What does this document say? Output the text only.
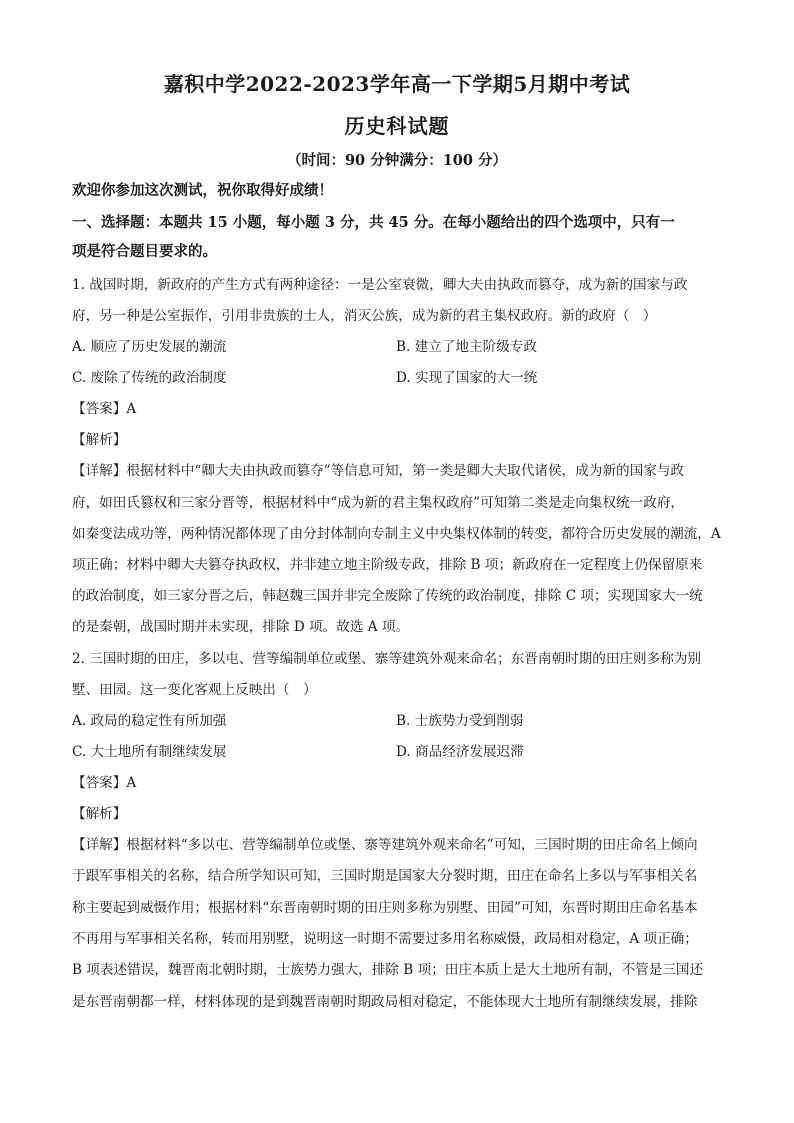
嘉积中学2022-2023学年高一下学期5月期中考试
历史科试题
（时间：90 分钟满分：100 分）
欢迎你参加这次测试，祝你取得好成绩！
一、选择题：本题共 15 小题，每小题 3 分，共 45 分。在每小题给出的四个选项中，只有一
项是符合题目要求的。
1. 战国时期，新政府的产生方式有两种途径：一是公室衰微，卿大夫由执政而篡夺，成为新的国家与政
府，另一种是公室振作，引用非贵族的士人，消灭公族，成为新的君主集权政府。新的政府（　）
A. 顺应了历史发展的潮流	B. 建立了地主阶级专政
C. 废除了传统的政治制度	D. 实现了国家的大一统
【答案】A
【解析】
【详解】根据材料中“卿大夫由执政而篡夺”等信息可知，第一类是卿大夫取代诸侯，成为新的国家与政
府，如田氏篡权和三家分晋等，根据材料中“成为新的君主集权政府”可知第二类是走向集权统一政府，
如秦变法成功等，两种情况都体现了由分封体制向专制主义中央集权体制的转变，都符合历史发展的潮流，A
项正确；材料中卿大夫篡夺执政权，并非建立地主阶级专政，排除 B 项；新政府在一定程度上仍保留原来
的政治制度，如三家分晋之后，韩赵魏三国并非完全废除了传统的政治制度，排除 C 项；实现国家大一统
的是秦朝，战国时期并未实现，排除 D 项。故选 A 项。
2. 三国时期的田庄，多以屯、营等编制单位或堡、寨等建筑外观来命名；东晋南朝时期的田庄则多称为别
墅、田园。这一变化客观上反映出（　）
A. 政局的稳定性有所加强	B. 士族势力受到削弱
C. 大土地所有制继续发展	D. 商品经济发展迟滞
【答案】A
【解析】
【详解】根据材料“多以屯、营等编制单位或堡、寨等建筑外观来命名”可知，三国时期的田庄命名上倾向
于跟军事相关的名称，结合所学知识可知，三国时期是国家大分裂时期，田庄在命名上多以与军事相关名
称主要起到威慑作用；根据材料“东晋南朝时期的田庄则多称为别墅、田园”可知，东晋时期田庄命名基本
不再用与军事相关名称，转而用别墅，说明这一时期不需要过多用名称威慑，政局相对稳定，A 项正确；
B 项表述错误，魏晋南北朝时期，士族势力强大，排除 B 项；田庄本质上是大土地所有制，不管是三国还
是东晋南朝都一样，材料体现的是到魏晋南朝时期政局相对稳定，不能体现大土地所有制继续发展，排除
